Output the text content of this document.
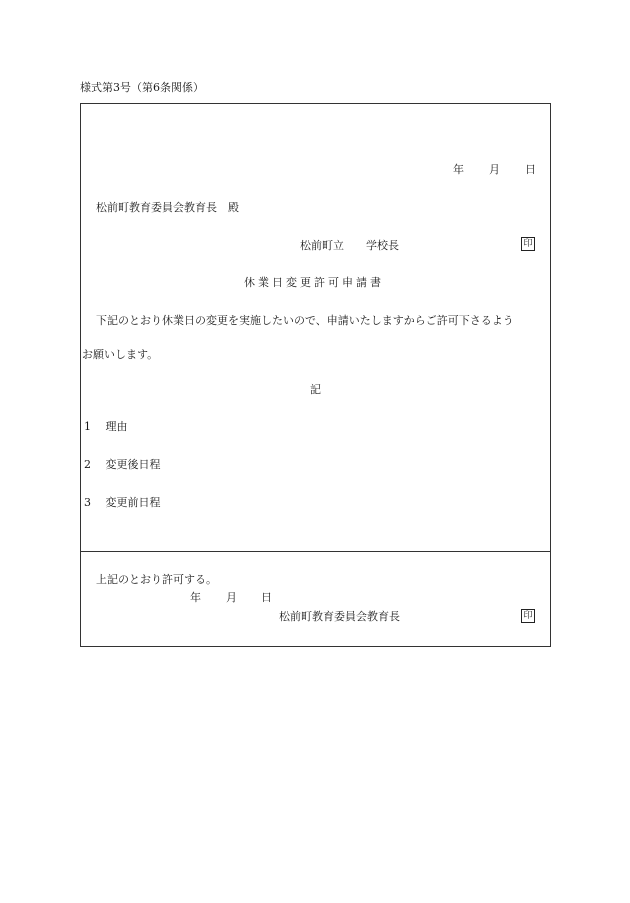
様式第3号（第6条関係）
年 月 日
松前町教育委員会教育長　殿
松前町立　　学校長	印
休業日変更許可申請書
下記のとおり休業日の変更を実施したいので、申請いたしますからご許可下さるよう
お願いします。
記
1　 理由
2　 変更後日程
3　 変更前日程
上記のとおり許可する。
年 月 日
松前町教育委員会教育長	印
